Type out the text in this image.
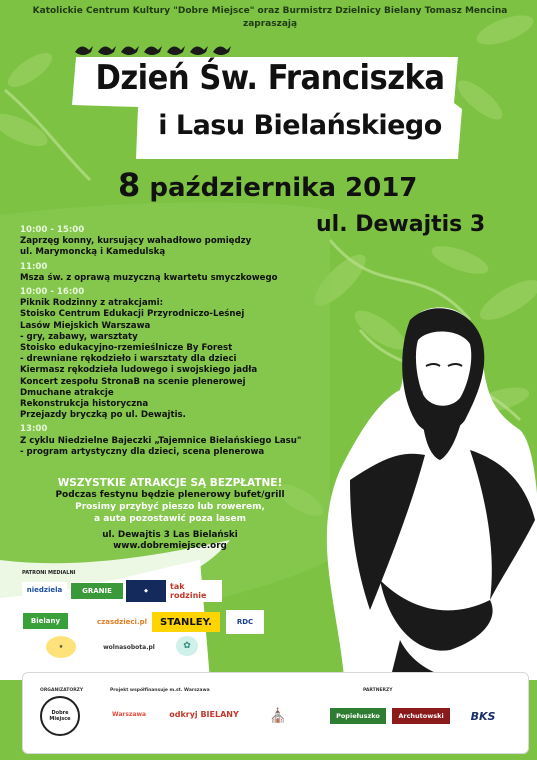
Katolickie Centrum Kultury "Dobre Miejsce" oraz Burmistrz Dzielnicy Bielany Tomasz Mencina
zapraszają
Dzień Św. Franciszka
i Lasu Bielańskiego
8 października 2017
ul. Dewajtis 3
10:00 - 15:00
Zaprzęg konny, kursujący wahadłowo pomiędzy
ul. Marymoncką i Kamedulską
11:00
Msza św. z oprawą muzyczną kwartetu smyczkowego
10:00 - 16:00
Piknik Rodzinny z atrakcjami:
Stoisko Centrum Edukacji Przyrodniczo-Leśnej
Lasów Miejskich Warszawa
- gry, zabawy, warsztaty
Stoisko edukacyjno-rzemieślnicze By Forest
- drewniane rękodzieło i warsztaty dla dzieci
Kiermasz rękodzieła ludowego i swojskiego jadła
Koncert zespołu StronaB na scenie plenerowej
Dmuchane atrakcje
Rekonstrukcja historyczna
Przejazdy bryczką po ul. Dewajtis.
13:00
Z cyklu Niedzielne Bajeczki „Tajemnice Bielańskiego Lasu"
- program artystyczny dla dzieci, scena plenerowa
WSZYSTKIE ATRAKCJE SĄ BEZPŁATNE!
Podczas festynu będzie plenerowy bufet/grill
Prosimy przybyć pieszo lub rowerem,
a auta pozostawić poza lasem
ul. Dewajtis 3 Las Bielański
www.dobremiejsce.org
PATRONI MEDIALNI
niedziela	GRANIE	◆	tak rodzinie
Bielany	czasdzieci.pl	STANLEY.	RDC
★	wolnasobota.pl	✿
ORGANIZATORZY	Projekt współfinansuje m.st. Warszawa	PARTNERZY
Dobre Miejsce
Warszawa	odkryj BIELANY	⛪	Popiełuszko	Archutowski	BKS
